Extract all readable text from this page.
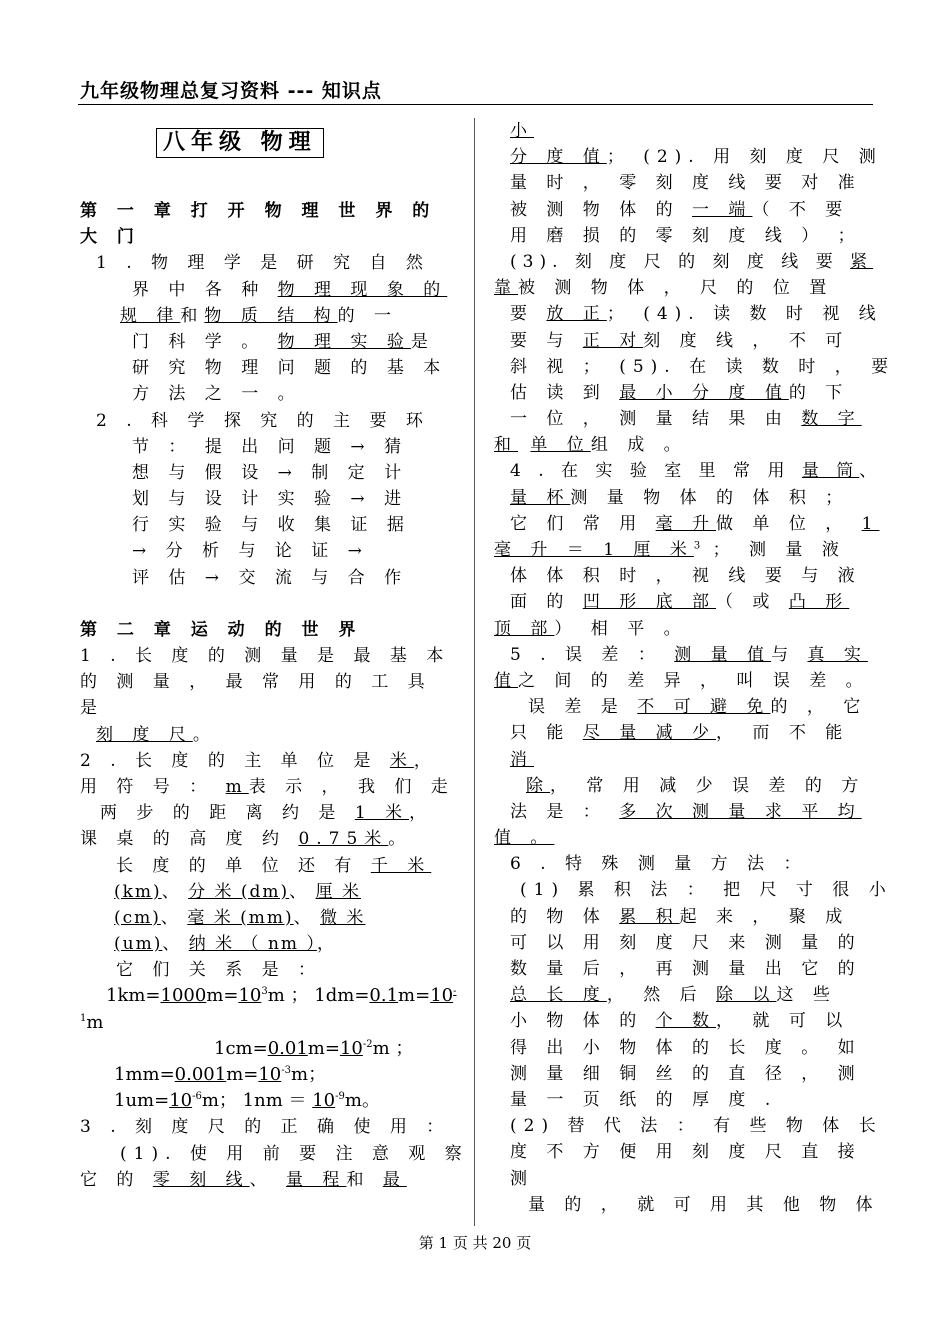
九年级物理总复习资料 --- 知识点
八年级 物理
第 一 章 打 开 物 理 世 界 的
大 门
1 . 物 理 学 是 研 究 自 然
界 中 各 种 物 理 现 象 的
规 律和物 质 结 构的 一
门 科 学 。 物 理 实 验是
研 究 物 理 问 题 的 基 本
方 法 之 一 。
2 . 科 学 探 究 的 主 要 环
节 ： 提 出 问 题 → 猜
想 与 假 设 → 制 定 计
划 与 设 计 实 验 → 进
行 实 验 与 收 集 证 据
→ 分 析 与 论 证 →
评 估 → 交 流 与 合 作
第 二 章 运 动 的 世 界
1 . 长 度 的 测 量 是 最 基 本
的 测 量 ， 最 常 用 的 工 具
是
刻 度 尺。
2 . 长 度 的 主 单 位 是 米，
用 符 号 ： m表 示 ， 我 们 走
两 步 的 距 离 约 是 1 米，
课 桌 的 高 度 约 0.75米。
长 度 的 单 位 还 有 千 米
(km)、 分 米 (dm)、 厘 米
(cm)、 毫 米 (mm)、 微 米
(um)、 纳 米 （ nm ），
它 们 关 系 是 ：
$1km=1000m=10^3m$ ； 1dm=0.1m=10-
$^1$m
$1cm=0.01m=10^{-2}m$ ；
$1mm=0.001m=10^{-3}m$；
$1um=10^{-6}m$； $1nm = 10^{-9}m$。
3 . 刻 度 尺 的 正 确 使 用 ：
(1). 使 用 前 要 注 意 观 察
它 的 零 刻 线、 量 程和 最
小
分 度 值； (2). 用 刻 度 尺 测
量 时 ， 零 刻 度 线 要 对 准
被 测 物 体 的 一 端（ 不 要
用 磨 损 的 零 刻 度 线 ） ；
(3). 刻 度 尺 的 刻 度 线 要 紧
靠被 测 物 体 ， 尺 的 位 置
要 放 正； (4). 读 数 时 视 线
要 与 正 对刻 度 线 ， 不 可
斜 视 ； (5). 在 读 数 时 ， 要
估 读 到 最 小 分 度 值的 下
一 位 ， 测 量 结 果 由 数 字
和 单 位组 成 。
4 . 在 实 验 室 里 常 用 量 筒、
量 杯测 量 物 体 的 体 积 ；
它 们 常 用 毫 升做 单 位 ， 1
毫 升 ＝ 1 厘 米$^3$ ； 测 量 液
体 体 积 时 ， 视 线 要 与 液
面 的 凹 形 底 部（ 或 凸 形
顶 部） 相 平 。
5 . 误 差 ： 测 量 值与 真 实
值之 间 的 差 异 ， 叫 误 差 。
误 差 是 不 可 避 免的 ， 它
只 能 尽 量 减 少， 而 不 能
消
除， 常 用 减 少 误 差 的 方
法 是 ： 多 次 测 量 求 平 均
值 。
6 . 特 殊 测 量 方 法 ：
(1) 累 积 法 ： 把 尺 寸 很 小
的 物 体 累 积起 来 ， 聚 成
可 以 用 刻 度 尺 来 测 量 的
数 量 后 ， 再 测 量 出 它 的
总 长 度， 然 后 除 以这 些
小 物 体 的 个 数， 就 可 以
得 出 小 物 体 的 长 度 。 如
测 量 细 铜 丝 的 直 径 ， 测
量 一 页 纸 的 厚 度 .
(2) 替 代 法 ： 有 些 物 体 长
度 不 方 便 用 刻 度 尺 直 接
测
量 的 ， 就 可 用 其 他 物 体
第 1 页 共 20 页
